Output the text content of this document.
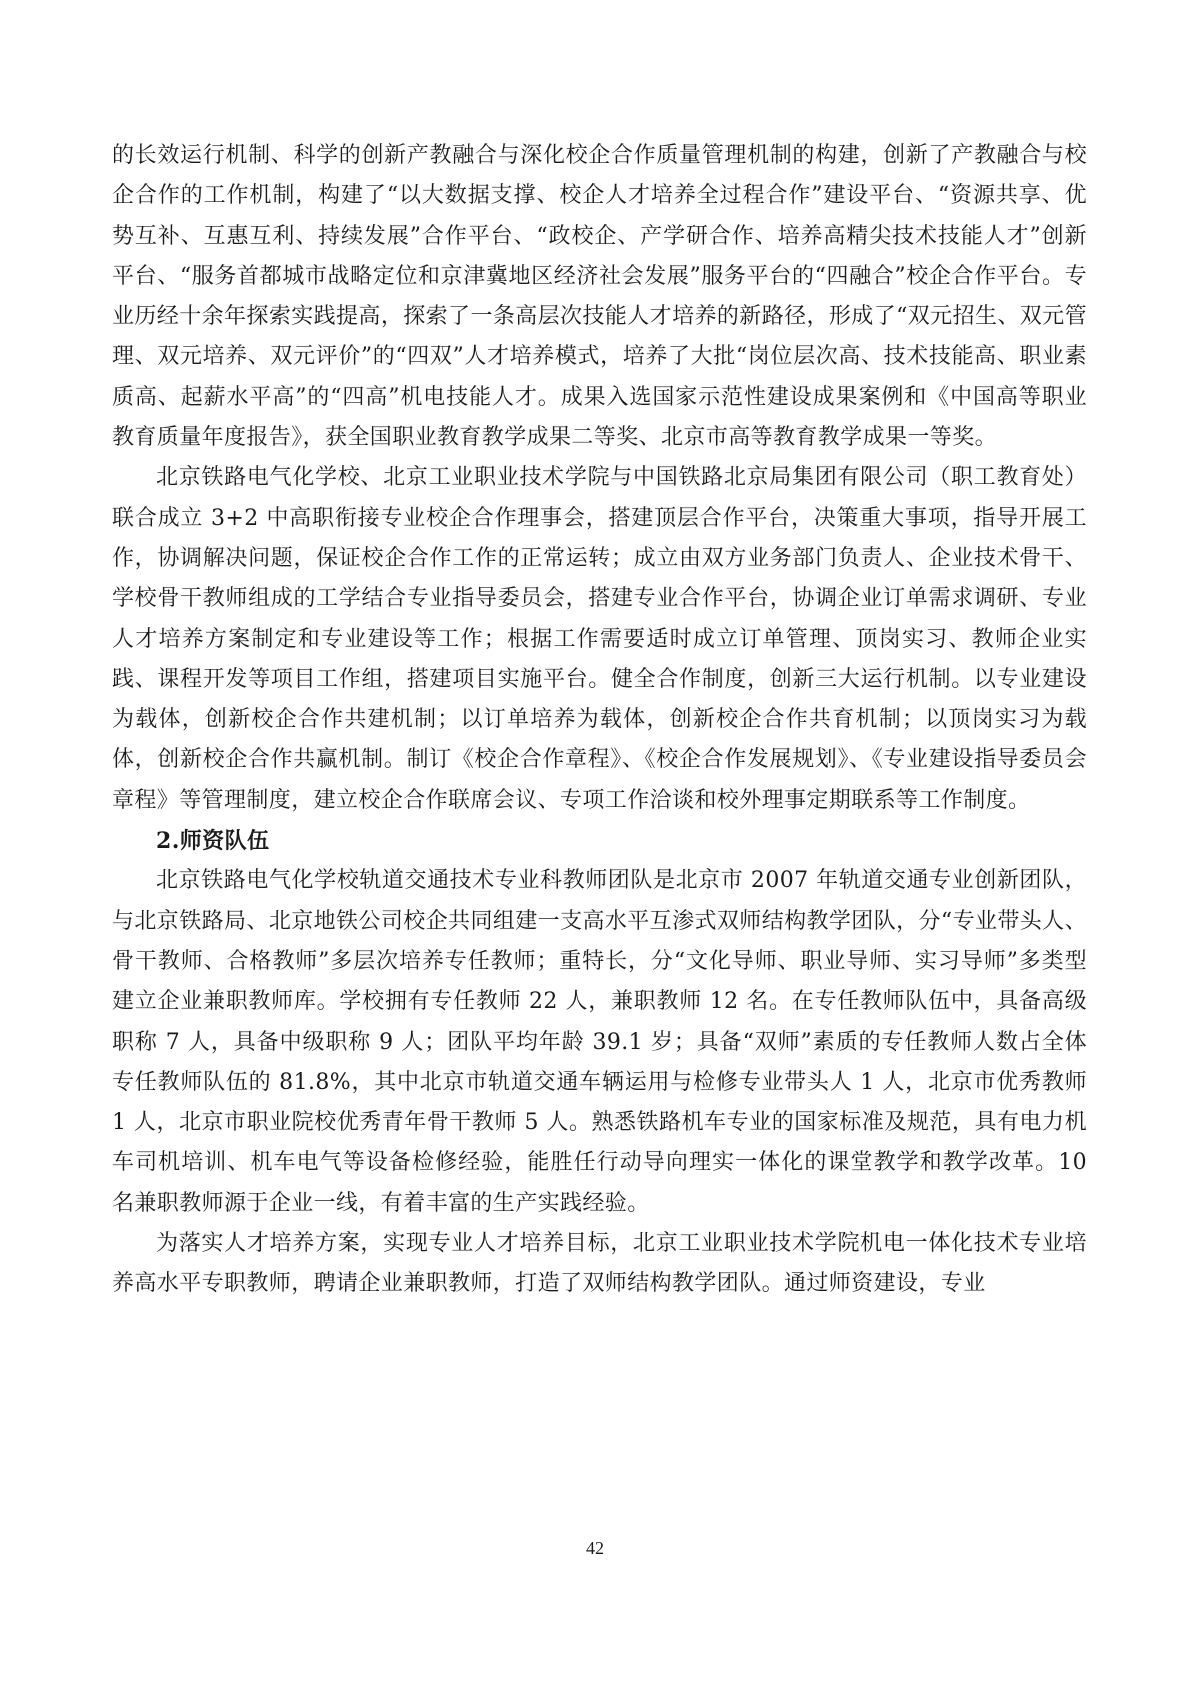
的长效运行机制、科学的创新产教融合与深化校企合作质量管理机制的构建，创新了产教融合与校企合作的工作机制，构建了“以大数据支撑、校企人才培养全过程合作”建设平台、“资源共享、优势互补、互惠互利、持续发展”合作平台、“政校企、产学研合作、培养高精尖技术技能人才”创新平台、“服务首都城市战略定位和京津冀地区经济社会发展”服务平台的“四融合”校企合作平台。专业历经十余年探索实践提高，探索了一条高层次技能人才培养的新路径，形成了“双元招生、双元管理、双元培养、双元评价”的“四双”人才培养模式，培养了大批“岗位层次高、技术技能高、职业素质高、起薪水平高”的“四高”机电技能人才。成果入选国家示范性建设成果案例和《中国高等职业教育质量年度报告》，获全国职业教育教学成果二等奖、北京市高等教育教学成果一等奖。

北京铁路电气化学校、北京工业职业技术学院与中国铁路北京局集团有限公司（职工教育处）联合成立 3+2 中高职衔接专业校企合作理事会，搭建顶层合作平台，决策重大事项，指导开展工作，协调解决问题，保证校企合作工作的正常运转；成立由双方业务部门负责人、企业技术骨干、学校骨干教师组成的工学结合专业指导委员会，搭建专业合作平台，协调企业订单需求调研、专业人才培养方案制定和专业建设等工作；根据工作需要适时成立订单管理、顶岗实习、教师企业实践、课程开发等项目工作组，搭建项目实施平台。健全合作制度，创新三大运行机制。以专业建设为载体，创新校企合作共建机制；以订单培养为载体，创新校企合作共育机制；以顶岗实习为载体，创新校企合作共赢机制。制订《校企合作章程》、《校企合作发展规划》、《专业建设指导委员会章程》等管理制度，建立校企合作联席会议、专项工作洽谈和校外理事定期联系等工作制度。

2.师资队伍

北京铁路电气化学校轨道交通技术专业科教师团队是北京市 2007 年轨道交通专业创新团队，与北京铁路局、北京地铁公司校企共同组建一支高水平互渗式双师结构教学团队，分“专业带头人、骨干教师、合格教师”多层次培养专任教师；重特长，分“文化导师、职业导师、实习导师”多类型建立企业兼职教师库。学校拥有专任教师 22 人，兼职教师 12 名。在专任教师队伍中，具备高级职称 7 人，具备中级职称 9 人；团队平均年龄 39.1 岁；具备“双师”素质的专任教师人数占全体专任教师队伍的 81.8%，其中北京市轨道交通车辆运用与检修专业带头人 1 人，北京市优秀教师 1 人，北京市职业院校优秀青年骨干教师 5 人。熟悉铁路机车专业的国家标准及规范，具有电力机车司机培训、机车电气等设备检修经验，能胜任行动导向理实一体化的课堂教学和教学改革。10 名兼职教师源于企业一线，有着丰富的生产实践经验。

为落实人才培养方案，实现专业人才培养目标，北京工业职业技术学院机电一体化技术专业培养高水平专职教师，聘请企业兼职教师，打造了双师结构教学团队。通过师资建设，专业

42
